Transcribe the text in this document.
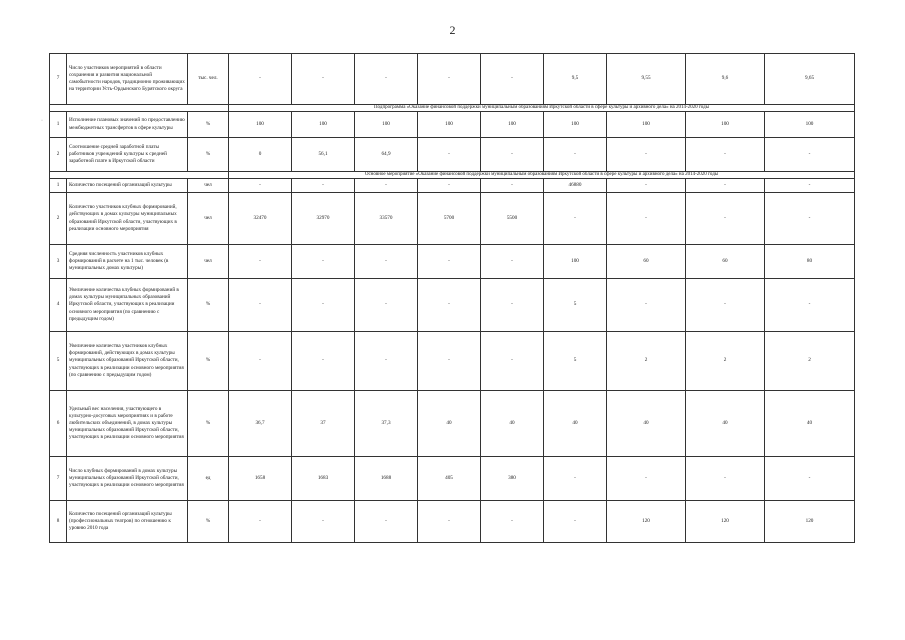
2
·
7	Число участников мероприятий в области сохранения и развития национальной самобытности народов, традиционно проживающих на территории Усть-Ордынского Бурятского округа	тыс. чел.	-	-	-	-	-	9,5	9,55	9,6	9,65
			Подпрограмма «Оказание финансовой поддержки муниципальным образованиям Иркутской области в сфере культуры и архивного дела» на 2014-2020 годы								
1	Исполнение плановых значений по предоставлению межбюджетных трансфертов в сфере культуры	%	100	100	100	100	100	100	100	100	100
2	Соотношение средней заработной платы работников учреждений культуры к средней заработной плате в Иркутской области	%	0	56,1	64,9	-	-	-	-	-	-
			Основное мероприятие «Оказание финансовой поддержки муниципальным образованиям Иркутской области в сфере культуры и архивного дела» на 2014-2020 годы								
1	Количество посещений организаций культуры	чел	-	-	-	-	-	46880	-	-	-
2	Количество участников клубных формирований, действующих в домах культуры муниципальных образований Иркутской области, участвующих в реализации основного мероприятия	чел	32470	32970	33570	5700	5500	-	-	-	-
3	Средняя численность участников клубных формирований в расчете на 1 тыс. человек (в муниципальных домах культуры)	чел	-	-	-	-	-	100	60	60	80
4	Увеличение количества клубных формирований в домах культуры муниципальных образований Иркутской области, участвующих в реализации основного мероприятия (по сравнению с предыдущим годом)	%	-	-	-	-	-	5	-	-	-
5	Увеличение количества участников клубных формирований, действующих в домах культуры муниципальных образований Иркутской области, участвующих в реализации основного мероприятия (по сравнению с предыдущим годом)	%	-	-	-	-	-	5	2	2	2
6	Удельный вес населения, участвующего в культурно-досуговых мероприятиях и в работе любительских объединений, в домах культуры муниципальных образований Иркутской области, участвующих в реализации основного мероприятия	%	36,7	37	37,3	40	40	40	40	40	40
7	Число клубных формирований в домах культуры муниципальных образований Иркутской области, участвующих в реализации основного мероприятия	ед	1658	1683	1688	405	380	-	-	-	-
8	Количество посещений организаций культуры (профессиональных театров) по отношению к уровню 2010 года	%	-	-	-	-	-	-	120	120	120
